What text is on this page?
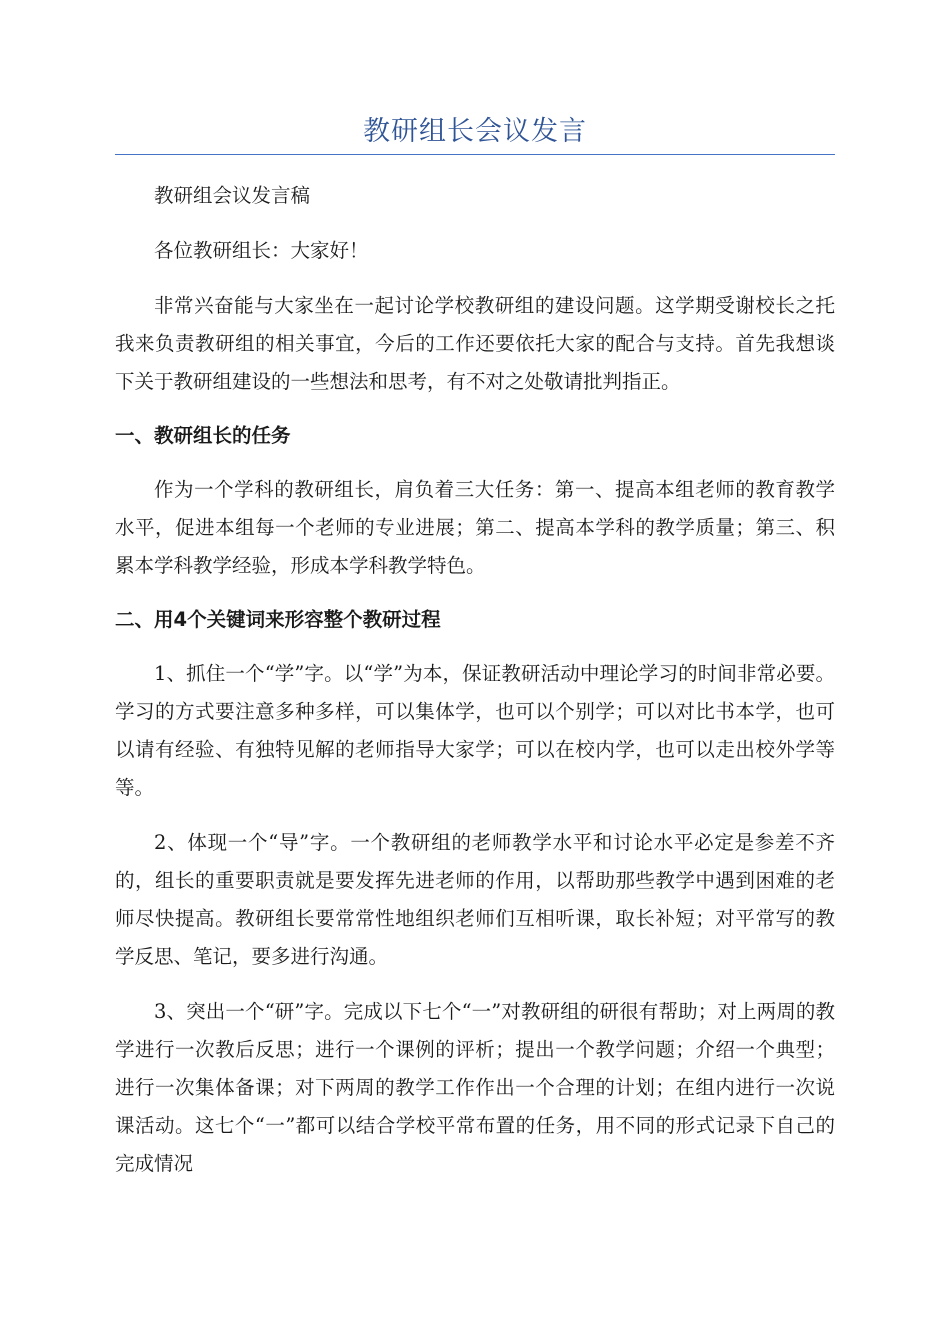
教研组长会议发言

教研组会议发言稿

各位教研组长：大家好！

非常兴奋能与大家坐在一起讨论学校教研组的建设问题。这学期受谢校长之托我来负责教研组的相关事宜，今后的工作还要依托大家的配合与支持。首先我想谈下关于教研组建设的一些想法和思考，有不对之处敬请批判指正。

一、教研组长的任务

作为一个学科的教研组长，肩负着三大任务：第一、提高本组老师的教育教学水平，促进本组每一个老师的专业进展；第二、提高本学科的教学质量；第三、积累本学科教学经验，形成本学科教学特色。

二、用4个关键词来形容整个教研过程

1、抓住一个“学”字。以“学”为本，保证教研活动中理论学习的时间非常必要。学习的方式要注意多种多样，可以集体学，也可以个别学；可以对比书本学，也可以请有经验、有独特见解的老师指导大家学；可以在校内学，也可以走出校外学等等。

2、体现一个“导”字。一个教研组的老师教学水平和讨论水平必定是参差不齐的，组长的重要职责就是要发挥先进老师的作用，以帮助那些教学中遇到困难的老师尽快提高。教研组长要常常性地组织老师们互相听课，取长补短；对平常写的教学反思、笔记，要多进行沟通。

3、突出一个“研”字。完成以下七个“一”对教研组的研很有帮助；对上两周的教学进行一次教后反思；进行一个课例的评析；提出一个教学问题；介绍一个典型；进行一次集体备课；对下两周的教学工作作出一个合理的计划；在组内进行一次说课活动。这七个“一”都可以结合学校平常布置的任务，用不同的形式记录下自己的完成情况
